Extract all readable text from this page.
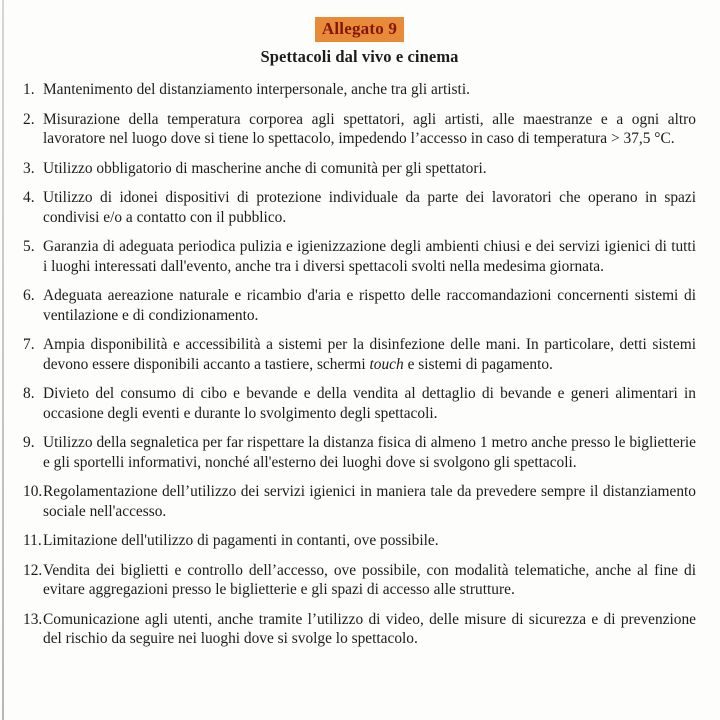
Allegato 9
Spettacoli dal vivo e cinema
1. Mantenimento del distanziamento interpersonale, anche tra gli artisti.
2. Misurazione della temperatura corporea agli spettatori, agli artisti, alle maestranze e a ogni altro lavoratore nel luogo dove si tiene lo spettacolo, impedendo l’accesso in caso di temperatura > 37,5 °C.
3. Utilizzo obbligatorio di mascherine anche di comunità per gli spettatori.
4. Utilizzo di idonei dispositivi di protezione individuale da parte dei lavoratori che operano in spazi condivisi e/o a contatto con il pubblico.
5. Garanzia di adeguata periodica pulizia e igienizzazione degli ambienti chiusi e dei servizi igienici di tutti i luoghi interessati dall'evento, anche tra i diversi spettacoli svolti nella medesima giornata.
6. Adeguata aereazione naturale e ricambio d'aria e rispetto delle raccomandazioni concernenti sistemi di ventilazione e di condizionamento.
7. Ampia disponibilità e accessibilità a sistemi per la disinfezione delle mani. In particolare, detti sistemi devono essere disponibili accanto a tastiere, schermi touch e sistemi di pagamento.
8. Divieto del consumo di cibo e bevande e della vendita al dettaglio di bevande e generi alimentari in occasione degli eventi e durante lo svolgimento degli spettacoli.
9. Utilizzo della segnaletica per far rispettare la distanza fisica di almeno 1 metro anche presso le biglietterie e gli sportelli informativi, nonché all'esterno dei luoghi dove si svolgono gli spettacoli.
10. Regolamentazione dell’utilizzo dei servizi igienici in maniera tale da prevedere sempre il distanziamento sociale nell'accesso.
11. Limitazione dell'utilizzo di pagamenti in contanti, ove possibile.
12. Vendita dei biglietti e controllo dell’accesso, ove possibile, con modalità telematiche, anche al fine di evitare aggregazioni presso le biglietterie e gli spazi di accesso alle strutture.
13. Comunicazione agli utenti, anche tramite l’utilizzo di video, delle misure di sicurezza e di prevenzione del rischio da seguire nei luoghi dove si svolge lo spettacolo.
